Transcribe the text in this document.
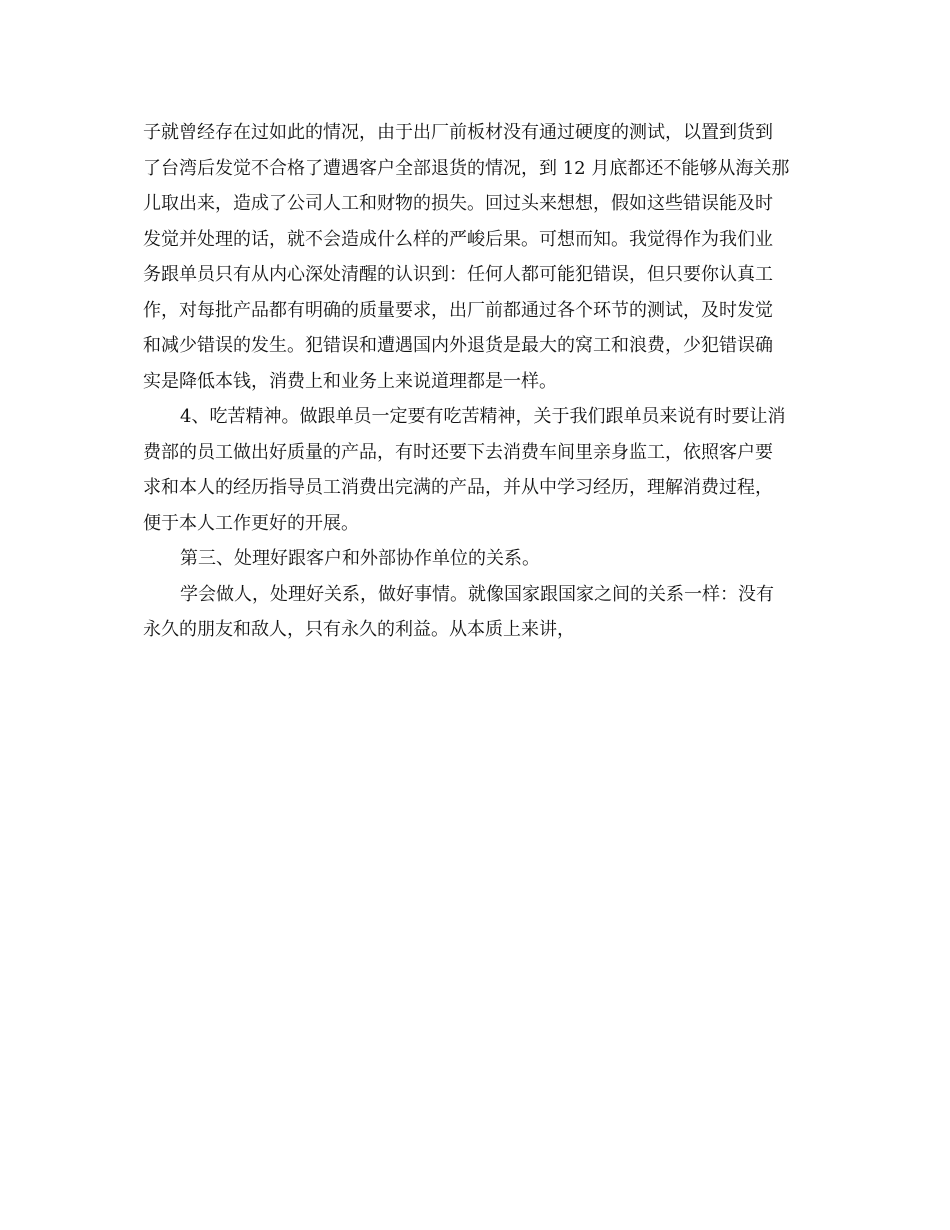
子就曾经存在过如此的情况，由于出厂前板材没有通过硬度的测试，以置到货到
了台湾后发觉不合格了遭遇客户全部退货的情况，到 12 月底都还不能够从海关那
儿取出来，造成了公司人工和财物的损失。回过头来想想，假如这些错误能及时
发觉并处理的话，就不会造成什么样的严峻后果。可想而知。我觉得作为我们业
务跟单员只有从内心深处清醒的认识到：任何人都可能犯错误，但只要你认真工
作，对每批产品都有明确的质量要求，出厂前都通过各个环节的测试，及时发觉
和减少错误的发生。犯错误和遭遇国内外退货是最大的窝工和浪费，少犯错误确
实是降低本钱，消费上和业务上来说道理都是一样。
4、吃苦精神。做跟单员一定要有吃苦精神，关于我们跟单员来说有时要让消
费部的员工做出好质量的产品，有时还要下去消费车间里亲身监工，依照客户要
求和本人的经历指导员工消费出完满的产品，并从中学习经历，理解消费过程，
便于本人工作更好的开展。
第三、处理好跟客户和外部协作单位的关系。
学会做人，处理好关系，做好事情。就像国家跟国家之间的关系一样：没有
永久的朋友和敌人，只有永久的利益。从本质上来讲，
